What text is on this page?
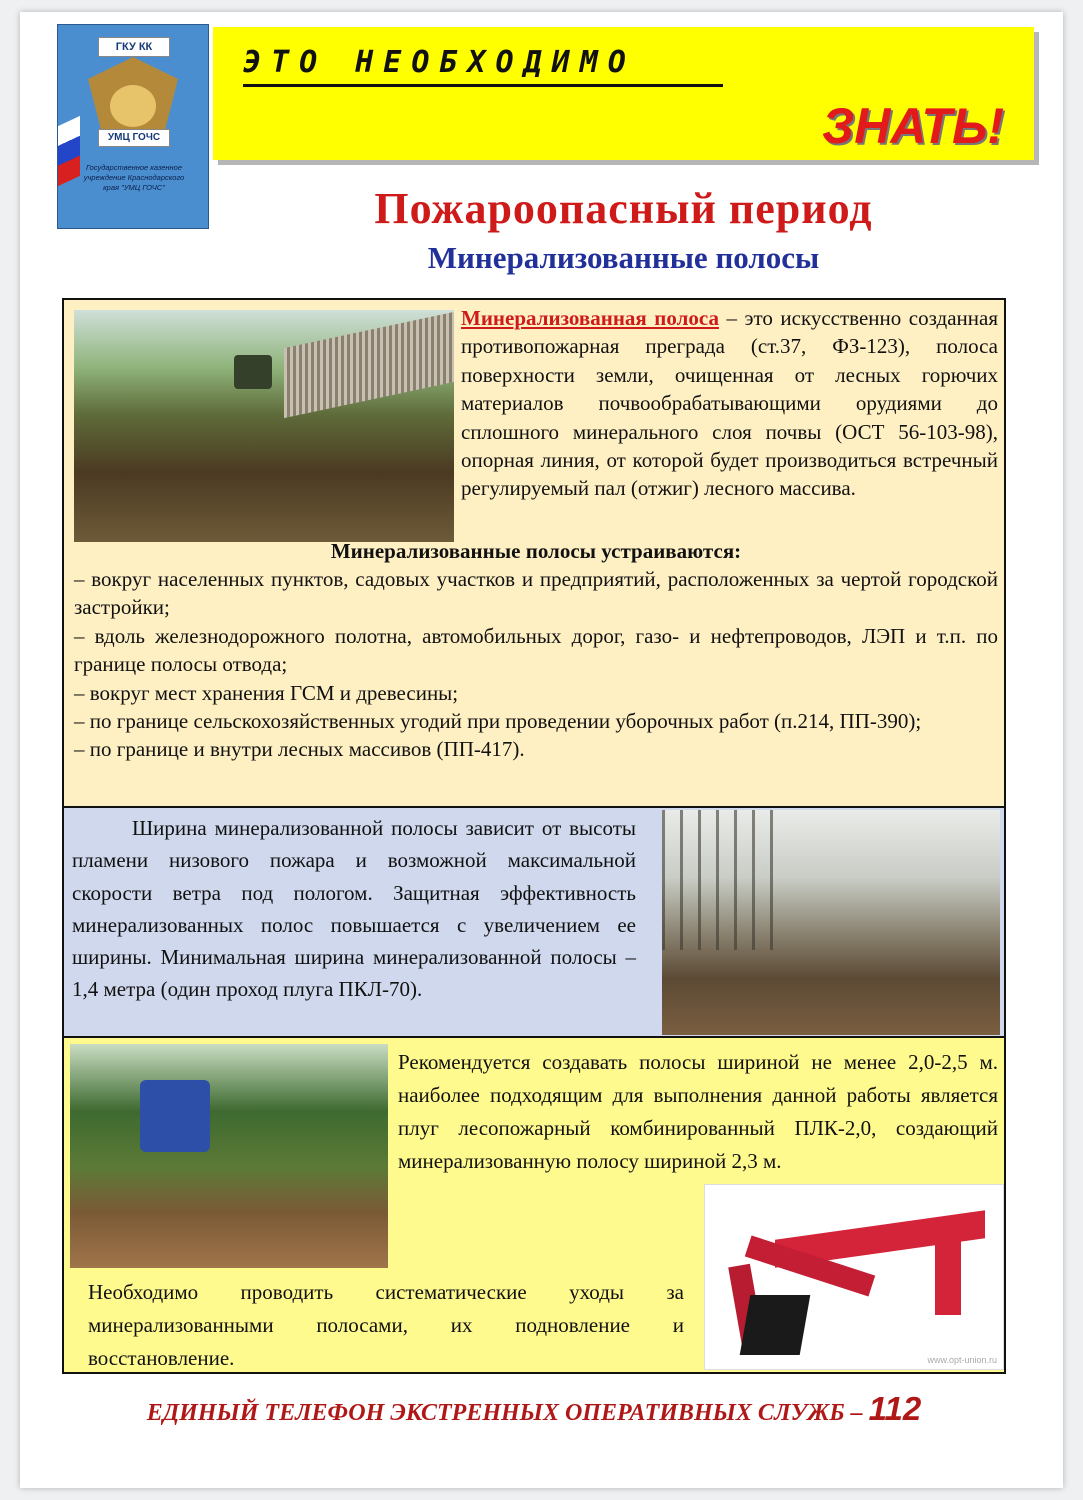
ГКУ КК
УМЦ ГОЧС
Государственное казенное учреждение Краснодарского края "УМЦ ГОЧС"
ЭТО НЕОБХОДИМО
ЗНАТЬ!
Пожароопасный период
Минерализованные полосы
Минерализованная полоса – это искусственно созданная противопожарная преграда (ст.37, ФЗ-123), полоса поверхности земли, очищенная от лесных горючих материалов почвообрабатывающими орудиями до сплошного минерального слоя почвы (ОСТ 56-103-98), опорная линия, от которой будет производиться встречный регулируемый пал (отжиг) лесного массива.
Минерализованные полосы устраиваются:
– вокруг населенных пунктов, садовых участков и предприятий, расположенных за чертой городской застройки;
– вдоль железнодорожного полотна, автомобильных дорог, газо- и нефтепроводов, ЛЭП и т.п. по границе полосы отвода;
– вокруг мест хранения ГСМ и древесины;
– по границе сельскохозяйственных угодий при проведении уборочных работ (п.214, ПП-390);
– по границе и внутри лесных массивов (ПП-417).
Ширина минерализованной полосы зависит от высоты пламени низового пожара и возможной максимальной скорости ветра под пологом. Защитная эффективность минерализованных полос повышается с увеличением ее ширины. Минимальная ширина минерализованной полосы – 1,4 метра (один проход плуга ПКЛ-70).
Рекомендуется создавать полосы шириной не менее 2,0-2,5 м. наиболее подходящим для выполнения данной работы является плуг лесопожарный комбинированный ПЛК-2,0, создающий минерализованную полосу шириной 2,3 м.
Необходимо проводить систематические уходы за минерализованными полосами, их подновление и восстановление.	www.opt-union.ru
ЕДИНЫЙ ТЕЛЕФОН ЭКСТРЕННЫХ ОПЕРАТИВНЫХ СЛУЖБ – 112
